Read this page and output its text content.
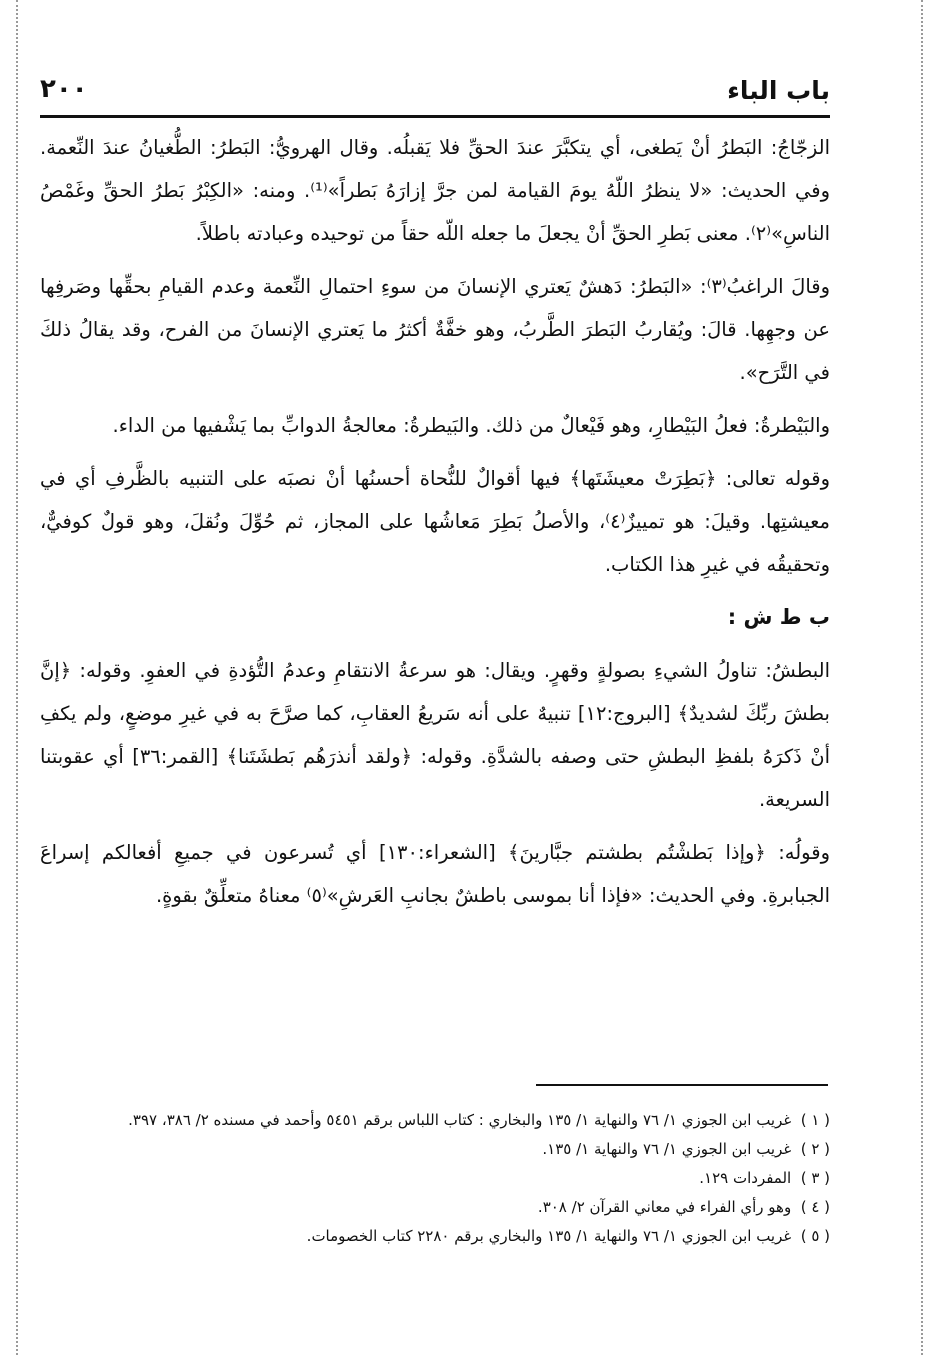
باب الباء
٢٠٠

الزجّاجُ: البَطرُ أنْ يَطغى، أي يتكبَّرَ عندَ الحقِّ فلا يَقبلُه. وقال الهرويُّ: البَطرُ: الطُّغيانُ عندَ النِّعمة. وفي الحديث: «لا ينظرُ اللّهُ يومَ القيامة لمن جرَّ إزارَهُ بَطراً»⁽¹⁾. ومنه: «الكِبْرُ بَطرُ الحقِّ وغَمْصُ الناسِ»⁽٢⁾. معنى بَطرِ الحقِّ أنْ يجعلَ ما جعله اللّه حقاً من توحيده وعبادته باطلاً.

وقالَ الراغبُ⁽٣⁾: «البَطرُ: دَهشٌ يَعتري الإنسانَ من سوءِ احتمالِ النِّعمة وعدم القيامِ بحقِّها وصَرفِها عن وجهِها. قالَ: ويُقاربُ البَطرَ الطَّربُ، وهو خفَّةٌ أكثرُ ما يَعتري الإنسانَ من الفرح، وقد يقالُ ذلكَ في التَّرَح».

والبَيْطرةُ: فعلُ البَيْطارِ، وهو فَيْعالٌ من ذلك. والبَيطرةُ: معالجةُ الدوابِّ بما يَشْفيها من الداء.

وقوله تعالى: ﴿بَطِرَتْ معيشَتَها﴾ فيها أقوالٌ للنُّحاة أحسنُها أنْ نصبَه على التنبيه بالظَّرفِ أي في معيشتِها. وقيلَ: هو تمييزٌ⁽٤⁾، والأصلُ بَطِرَ مَعاشُها على المجاز، ثم حُوِّلَ ونُقلَ، وهو قولٌ كوفيٌّ، وتحقيقُه في غيرِ هذا الكتاب.

ب ط ش :

البطشُ: تناولُ الشيءِ بصولةٍ وقهرٍ. ويقال: هو سرعةُ الانتقامِ وعدمُ التُّؤدةِ في العفوِ. وقوله: ﴿إنَّ بطشَ ربِّكَ لشديدٌ﴾ [البروج:١٢] تنبيهٌ على أنه سَريعُ العقابِ، كما صرَّحَ به في غيرِ موضعٍ، ولم يكفِ أنْ ذَكرَهُ بلفظِ البطشِ حتى وصفه بالشدَّةِ. وقوله: ﴿ولقد أنذرَهُم بَطشَتَنا﴾ [القمر:٣٦] أي عقوبتنا السريعة.

وقولُه: ﴿وإذا بَطشْتُم بطشتم جبَّارينَ﴾ [الشعراء:١٣٠] أي تُسرعون في جميعِ أفعالكم إسراعَ الجبابرةِ. وفي الحديث: «فإذا أنا بموسى باطشٌ بجانبِ العَرشِ»⁽٥⁾ معناهُ متعلِّقٌ بقوةٍ.

( ١ ) غريب ابن الجوزي ١/ ٧٦ والنهاية ١/ ١٣٥ والبخاري : كتاب اللباس برقم ٥٤٥١ وأحمد في مسنده ٢/ ٣٨٦، ٣٩٧.
( ٢ ) غريب ابن الجوزي ١/ ٧٦ والنهاية ١/ ١٣٥.
( ٣ ) المفردات ١٢٩.
( ٤ ) وهو رأي الفراء في معاني القرآن ٢/ ٣٠٨.
( ٥ ) غريب ابن الجوزي ١/ ٧٦ والنهاية ١/ ١٣٥ والبخاري برقم ٢٢٨٠ كتاب الخصومات.
